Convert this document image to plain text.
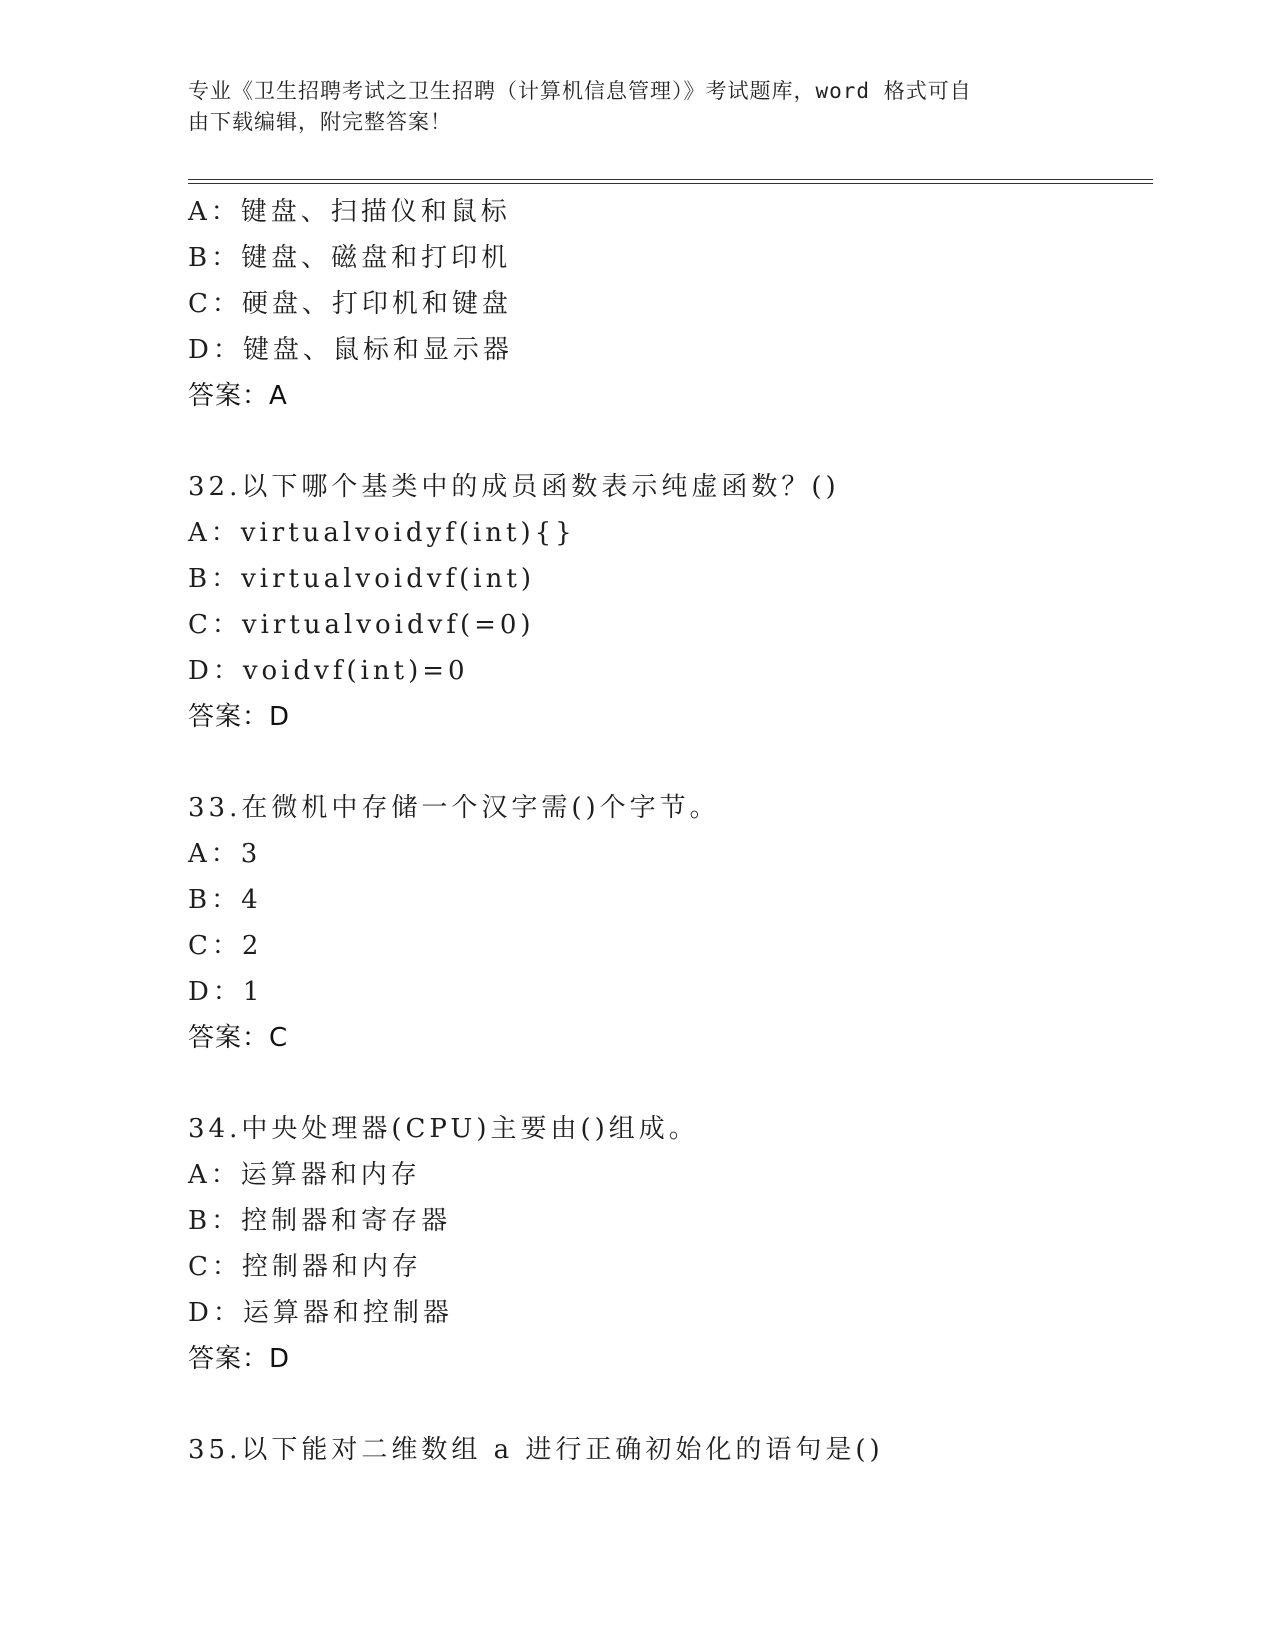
专业《卫生招聘考试之卫生招聘（计算机信息管理）》考试题库，word 格式可自
由下载编辑，附完整答案！
A：键盘、扫描仪和鼠标
B：键盘、磁盘和打印机
C：硬盘、打印机和键盘
D：键盘、鼠标和显示器
答案：A
32.以下哪个基类中的成员函数表示纯虚函数？()
A：virtualvoidyf(int){}
B：virtualvoidvf(int)
C：virtualvoidvf(=0)
D：voidvf(int)=0
答案：D
33.在微机中存储一个汉字需()个字节。
A：3
B：4
C：2
D：1
答案：C
34.中央处理器(CPU)主要由()组成。
A：运算器和内存
B：控制器和寄存器
C：控制器和内存
D：运算器和控制器
答案：D
35.以下能对二维数组 a 进行正确初始化的语句是()
